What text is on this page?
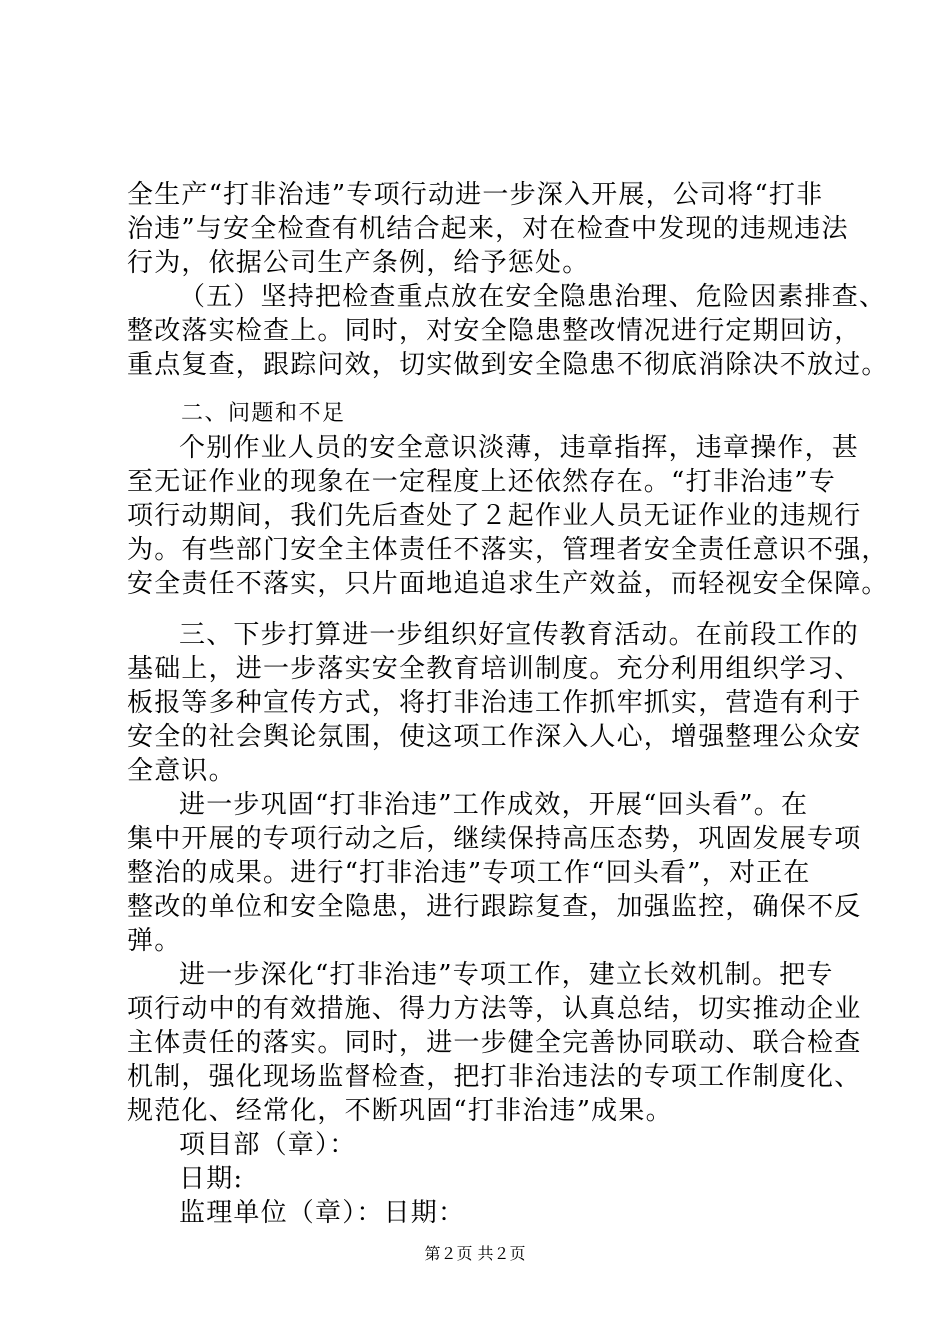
全生产“打非治违”专项行动进一步深入开展，公司将“打非
治违”与安全检查有机结合起来，对在检查中发现的违规违法
行为，依据公司生产条例，给予惩处。
（五）坚持把检查重点放在安全隐患治理、危险因素排查、
整改落实检查上。同时，对安全隐患整改情况进行定期回访，
重点复查，跟踪问效，切实做到安全隐患不彻底消除决不放过。
二、问题和不足
个别作业人员的安全意识淡薄，违章指挥，违章操作，甚
至无证作业的现象在一定程度上还依然存在。“打非治违”专
项行动期间，我们先后查处了２起作业人员无证作业的违规行
为。有些部门安全主体责任不落实，管理者安全责任意识不强，
安全责任不落实，只片面地追追求生产效益，而轻视安全保障。
三、下步打算进一步组织好宣传教育活动。在前段工作的
基础上，进一步落实安全教育培训制度。充分利用组织学习、
板报等多种宣传方式，将打非治违工作抓牢抓实，营造有利于
安全的社会舆论氛围，使这项工作深入人心，增强整理公众安
全意识。
进一步巩固“打非治违”工作成效，开展“回头看”。在
集中开展的专项行动之后，继续保持高压态势，巩固发展专项
整治的成果。进行“打非治违”专项工作“回头看”，对正在
整改的单位和安全隐患，进行跟踪复查，加强监控，确保不反
弹。
进一步深化“打非治违”专项工作，建立长效机制。把专
项行动中的有效措施、得力方法等，认真总结，切实推动企业
主体责任的落实。同时，进一步健全完善协同联动、联合检查
机制，强化现场监督检查，把打非治违法的专项工作制度化、
规范化、经常化，不断巩固“打非治违”成果。
项目部（章）：
日期:
监理单位（章）：日期：
第２页 共２页
